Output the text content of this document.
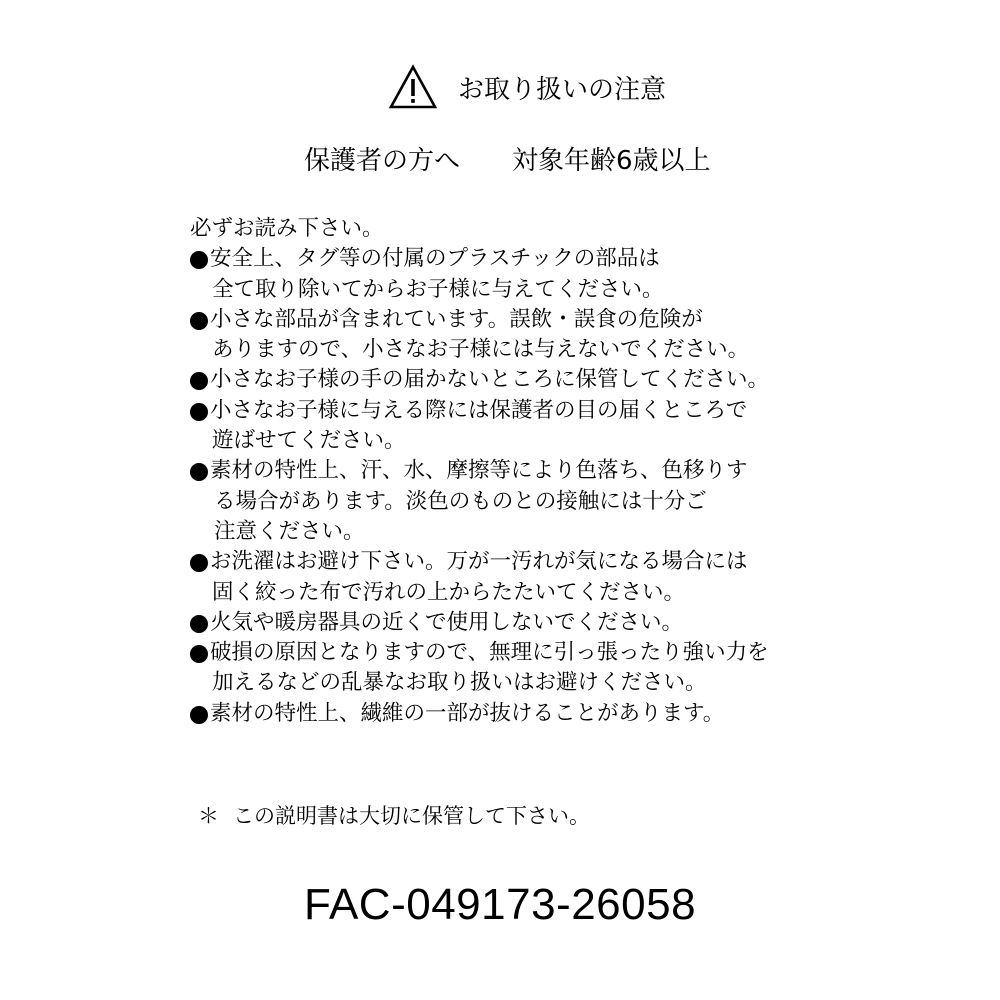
お取り扱いの注意
保護者の方へ 対象年齢6歳以上
必ずお読み下さい。
安全上、タグ等の付属のプラスチックの部品は
全て取り除いてからお子様に与えてください。
小さな部品が含まれています。誤飲・誤食の危険が
ありますので、小さなお子様には与えないでください。
小さなお子様の手の届かないところに保管してください。
小さなお子様に与える際には保護者の目の届くところで
遊ばせてください。
素材の特性上、汗、水、摩擦等により色落ち、色移りす
る場合があります。淡色のものとの接触には十分ご
注意ください。
お洗濯はお避け下さい。万が一汚れが気になる場合には
固く絞った布で汚れの上からたたいてください。
火気や暖房器具の近くで使用しないでください。
破損の原因となりますので、無理に引っ張ったり強い力を
加えるなどの乱暴なお取り扱いはお避けください。
素材の特性上、繊維の一部が抜けることがあります。
＊ この説明書は大切に保管して下さい。
FAC-049173-26058
